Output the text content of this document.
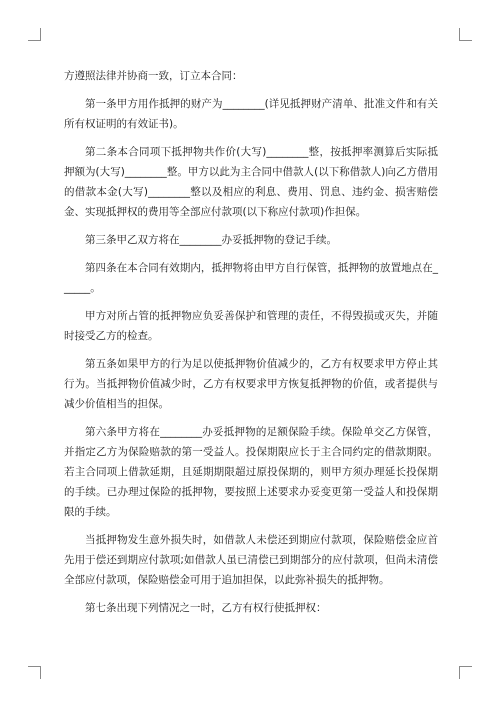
方遵照法律并协商一致，订立本合同：

第一条甲方用作抵押的财产为________(详见抵押财产清单、批准文件和有关所有权证明的有效证书)。

第二条本合同项下抵押物共作价(大写)________整，按抵押率测算后实际抵押额为(大写)________整。甲方以此为主合同中借款人(以下称借款人)向乙方借用的借款本金(大写)________整以及相应的利息、费用、罚息、违约金、损害赔偿金、实现抵押权的费用等全部应付款项(以下称应付款项)作担保。

第三条甲乙双方将在________办妥抵押物的登记手续。

第四条在本合同有效期内，抵押物将由甲方自行保管，抵押物的放置地点在______。

甲方对所占管的抵押物应负妥善保护和管理的责任，不得毁损或灭失，并随时接受乙方的检查。

第五条如果甲方的行为足以使抵押物价值减少的，乙方有权要求甲方停止其行为。当抵押物价值减少时，乙方有权要求甲方恢复抵押物的价值，或者提供与减少价值相当的担保。

第六条甲方将在________办妥抵押物的足额保险手续。保险单交乙方保管，并指定乙方为保险赔款的第一受益人。投保期限应长于主合同约定的借款期限。若主合同项上借款延期，且延期期限超过原投保期的，则甲方须办理延长投保期的手续。已办理过保险的抵押物，要按照上述要求办妥变更第一受益人和投保期限的手续。

当抵押物发生意外损失时，如借款人未偿还到期应付款项，保险赔偿金应首先用于偿还到期应付款项;如借款人虽已清偿已到期部分的应付款项，但尚未清偿全部应付款项，保险赔偿金可用于追加担保，以此弥补损失的抵押物。

第七条出现下列情况之一时，乙方有权行使抵押权：
